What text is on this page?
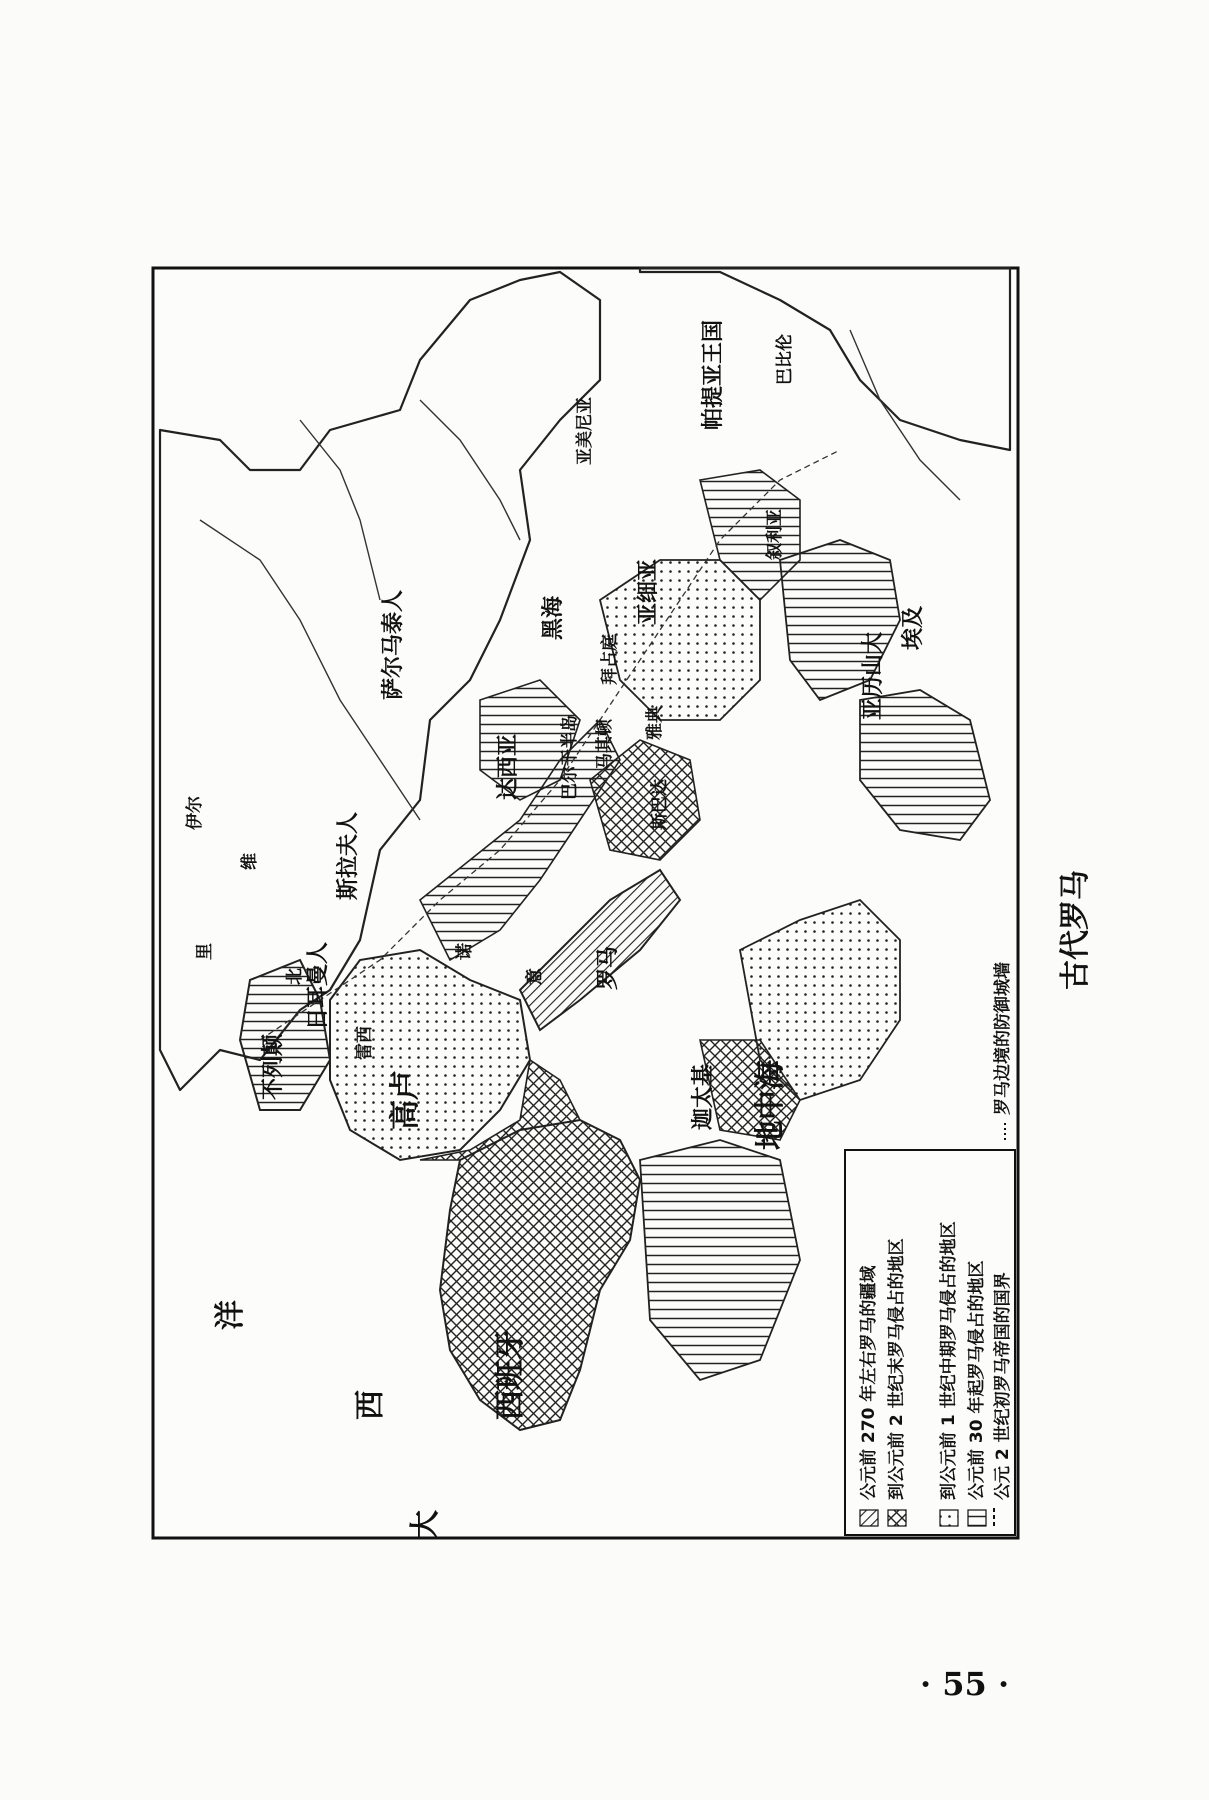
大
西
洋
西班牙
高卢
不列颠
日耳曼人
北
诺
雷西
斯拉夫人
维
萨尔马泰人
达西亚 巴尔干半岛
黑海
拜占庭
亚细亚
亚美尼亚
帕提亚王国	巴比伦
叙利亚
雅典
斯巴达
马其顿
罗马
意
迦太基 地中海
亚历山大
埃及
伊尔
里
公元前 270 年左右罗马的疆域 到公元前 2 世纪末罗马侵占的地区 到公元前 1 世纪中期罗马侵占的地区 公元前 30 年起罗马侵占的地区 公元 2 世纪初罗马帝国的国界
罗马边境的防御城墙
古代罗马
· 55 ·
